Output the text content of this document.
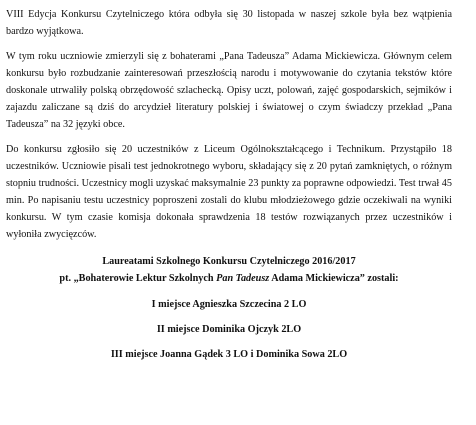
VIII Edycja Konkursu Czytelniczego która odbyła się 30 listopada w naszej szkole była bez wątpienia bardzo wyjątkowa.

W tym roku uczniowie zmierzyli się z bohaterami „Pana Tadeusza” Adama Mickiewicza. Głównym celem konkursu było rozbudzanie zainteresowań przeszłością narodu i motywowanie do czytania tekstów które doskonale utrwaliły polską obrzędowość szlachecką. Opisy uczt, polowań, zajęć gospodarskich, sejmików i zajazdu zaliczane są dziś do arcydzieł literatury polskiej i światowej o czym świadczy przekład „Pana Tadeusza” na 32 języki obce.

Do konkursu zgłosiło się 20 uczestników z Liceum Ogólnokształcącego i Technikum. Przystąpiło 18 uczestników. Uczniowie pisali test jednokrotnego wyboru, składający się z 20 pytań zamkniętych, o różnym stopniu trudności. Uczestnicy mogli uzyskać maksymalnie 23 punkty za poprawne odpowiedzi. Test trwał 45 min. Po napisaniu testu uczestnicy poproszeni zostali do klubu młodzieżowego gdzie oczekiwali na wyniki konkursu. W tym czasie komisja dokonała sprawdzenia 18 testów rozwiązanych przez uczestników i wyłoniła zwycięzców.

Laureatami Szkolnego Konkursu Czytelniczego 2016/2017
pt. „Bohaterowie Lektur Szkolnych Pan Tadeusz Adama Mickiewicza” zostali:
I miejsce Agnieszka Szczecina 2 LO
II miejsce Dominika Ojczyk 2LO
III miejsce Joanna Gądek 3 LO i Dominika Sowa 2LO
